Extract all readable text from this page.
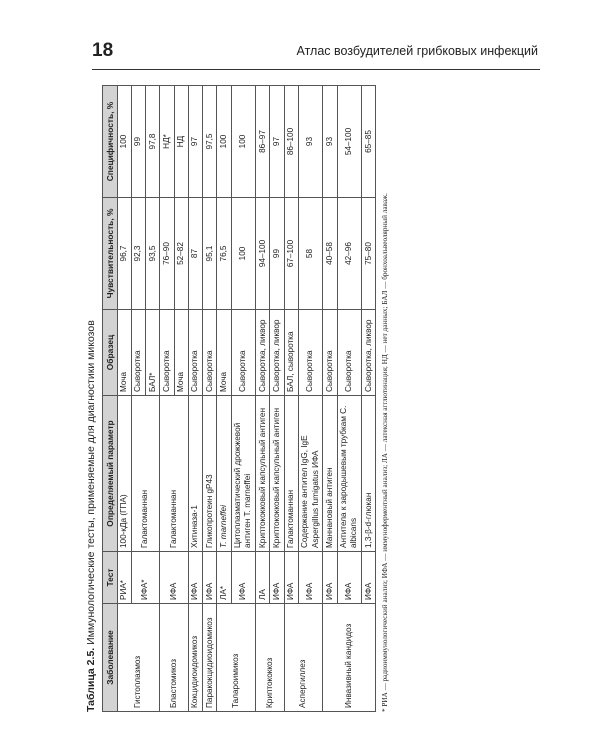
18	Атлас возбудителей грибковых инфекций
Таблица 2.5. Иммунологические тесты, применяемые для диагностики микозов
Заболевание	Тест	Определяемый параметр	Образец	Чувствительность, %	Специфичность, %
Гистоплазмоз	РИА*	100-кДа (ГПА)	Моча	96,7	100
	ИФА*	Галактоманнан	Сыворотка	92,3	99
			БАЛ*	93,5	97,8
Бластомикоз	ИФА	Галактоманнан	Сыворотка	76–90	НД*
			Моча	52–82	НД
Кокцидиоидомикоз	ИФА	Хитиназа-1	Сыворотка	87	97
Паракокцидиоидомикоз	ИФА	Гликопротеин gP43	Сыворотка	95,1	97,5
Талароимикоз	ЛА*	T. marneffei	Моча	76,5	100
	ИФА	Цитоплазматический дрожжевой антиген T. marneffei	Сыворотка	100	100
Криптококкоз	ЛА	Криптококковый капсульный антиген	Сыворотка, ликвор	94–100	86–97
	ИФА	Криптококковый капсульный антиген	Сыворотка, ликвор	99	97
Аспергиллез	ИФА	Галактоманнан	БАЛ, сыворотка	67–100	86–100
	ИФА	Содержание антител IgG, IgE Aspergillus fumigatus ИФА	Сыворотка	58	93
Инвазивный кандидоз	ИФА	Маннановый антиген	Сыворотка	40–58	93
	ИФА	Антитела к зародышевым трубкам C. albicans	Сыворотка	42–96	54–100
	ИФА	1,3-β-d-глюкан	Сыворотка, ликвор	75–80	65–85
* РИА — радиоиммунологический анализ; ИФА — иммуноферментный анализ; ЛА — латексная агглютинация; НД — нет данных; БАЛ — бронхоальвеолярный лаваж.
